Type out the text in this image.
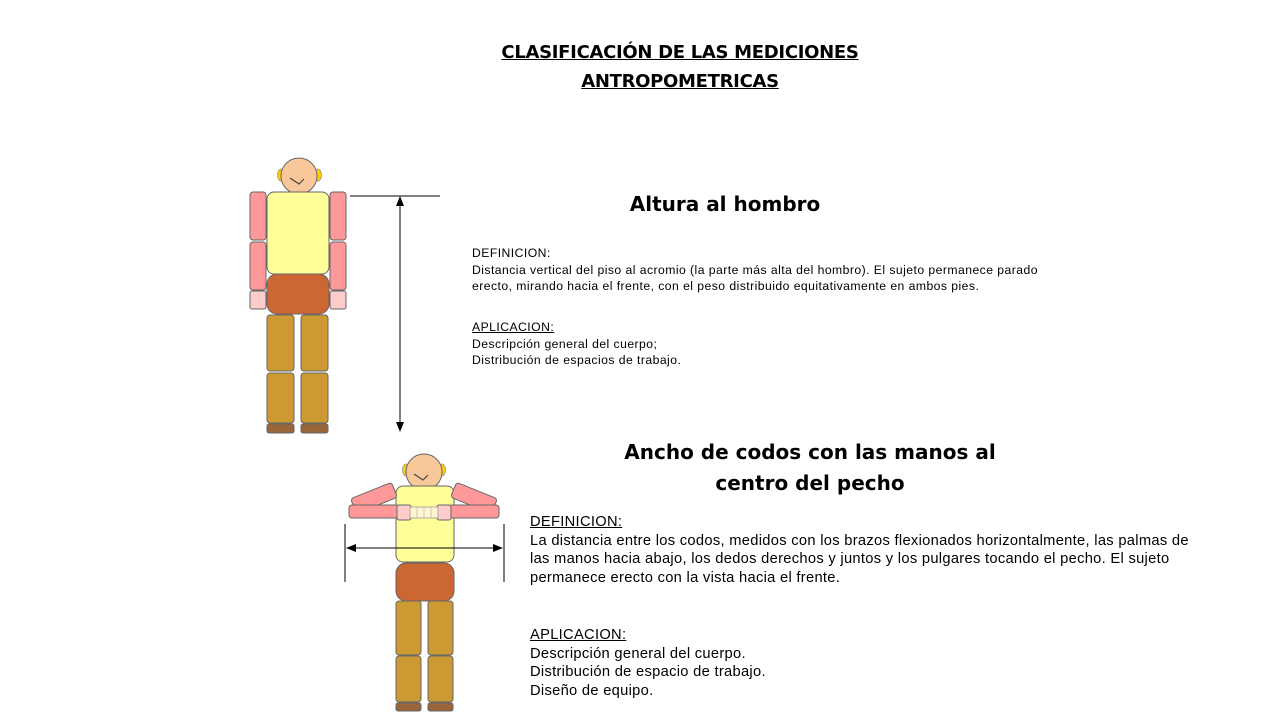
CLASIFICACIÓN DE LAS MEDICIONES
ANTROPOMETRICAS
Altura al hombro
DEFINICION:
Distancia vertical del piso al acromio (la parte más alta del hombro). El sujeto permanece parado
erecto, mirando hacia el frente, con el peso distribuido equitativamente en ambos pies.
APLICACION:
Descripción general del cuerpo;
Distribución de espacios de trabajo.
Ancho de codos con las manos al
centro del pecho
DEFINICION:
La distancia entre los codos, medidos con los brazos flexionados horizontalmente, las palmas de
las manos hacia abajo, los dedos derechos y juntos y los pulgares tocando el pecho. El sujeto
permanece erecto con la vista hacia el frente.
APLICACION:
Descripción general del cuerpo.
Distribución de espacio de trabajo.
Diseño de equipo.
